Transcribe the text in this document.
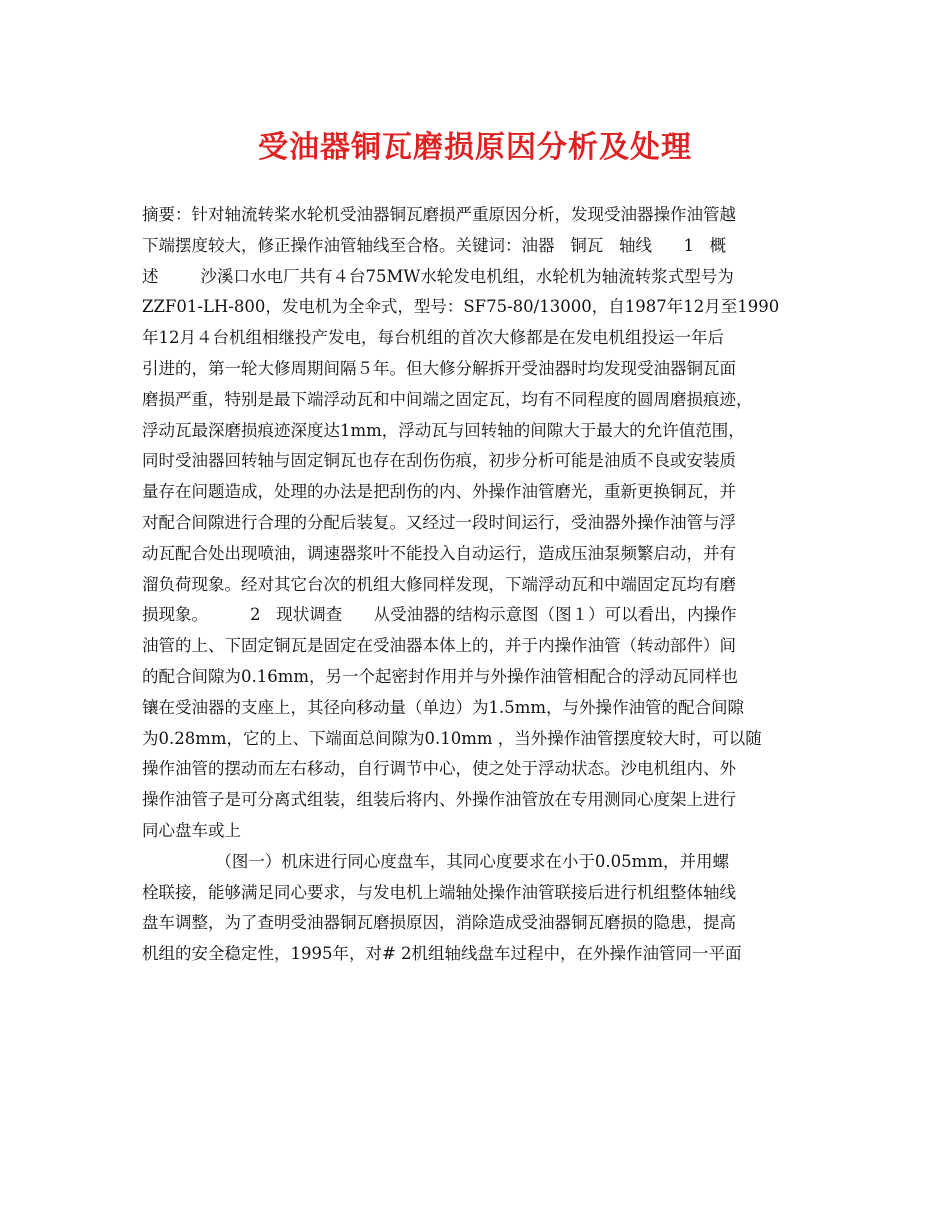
受油器铜瓦磨损原因分析及处理
摘要：针对轴流转桨水轮机受油器铜瓦磨损严重原因分析，发现受油器操作油管越
下端摆度较大，修正操作油管轴线至合格。关键词：油器   铜瓦   轴线      1   概
述        沙溪口水电厂共有４台75MW水轮发电机组，水轮机为轴流转浆式型号为
ZZF01-LH-800，发电机为全伞式，型号：SF75-80/13000，自1987年12月至1990
年12月４台机组相继投产发电，每台机组的首次大修都是在发电机组投运一年后
引进的，第一轮大修周期间隔５年。但大修分解拆开受油器时均发现受油器铜瓦面
磨损严重，特别是最下端浮动瓦和中间端之固定瓦，均有不同程度的圆周磨损痕迹，
浮动瓦最深磨损痕迹深度达1mm，浮动瓦与回转轴的间隙大于最大的允许值范围，
同时受油器回转轴与固定铜瓦也存在刮伤伤痕，初步分析可能是油质不良或安装质
量存在问题造成，处理的办法是把刮伤的内、外操作油管磨光，重新更换铜瓦，并
对配合间隙进行合理的分配后装复。又经过一段时间运行，受油器外操作油管与浮
动瓦配合处出现喷油，调速器浆叶不能投入自动运行，造成压油泵频繁启动，并有
溜负荷现象。经对其它台次的机组大修同样发现，下端浮动瓦和中端固定瓦均有磨
损现象。        2   现状调查      从受油器的结构示意图（图１）可以看出，内操作
油管的上、下固定铜瓦是固定在受油器本体上的，并于内操作油管（转动部件）间
的配合间隙为0.16mm，另一个起密封作用并与外操作油管相配合的浮动瓦同样也
镶在受油器的支座上，其径向移动量（单边）为1.5mm，与外操作油管的配合间隙
为0.28mm，它的上、下端面总间隙为0.10mm ，当外操作油管摆度较大时，可以随
操作油管的摆动而左右移动，自行调节中心，使之处于浮动状态。沙电机组内、外
操作油管子是可分离式组装，组装后将内、外操作油管放在专用测同心度架上进行
同心盘车或上
（图一）机床进行同心度盘车，其同心度要求在小于0.05mm，并用螺
栓联接，能够满足同心要求，与发电机上端轴处操作油管联接后进行机组整体轴线
盘车调整，为了查明受油器铜瓦磨损原因，消除造成受油器铜瓦磨损的隐患，提高
机组的安全稳定性，1995年，对# 2机组轴线盘车过程中，在外操作油管同一平面
